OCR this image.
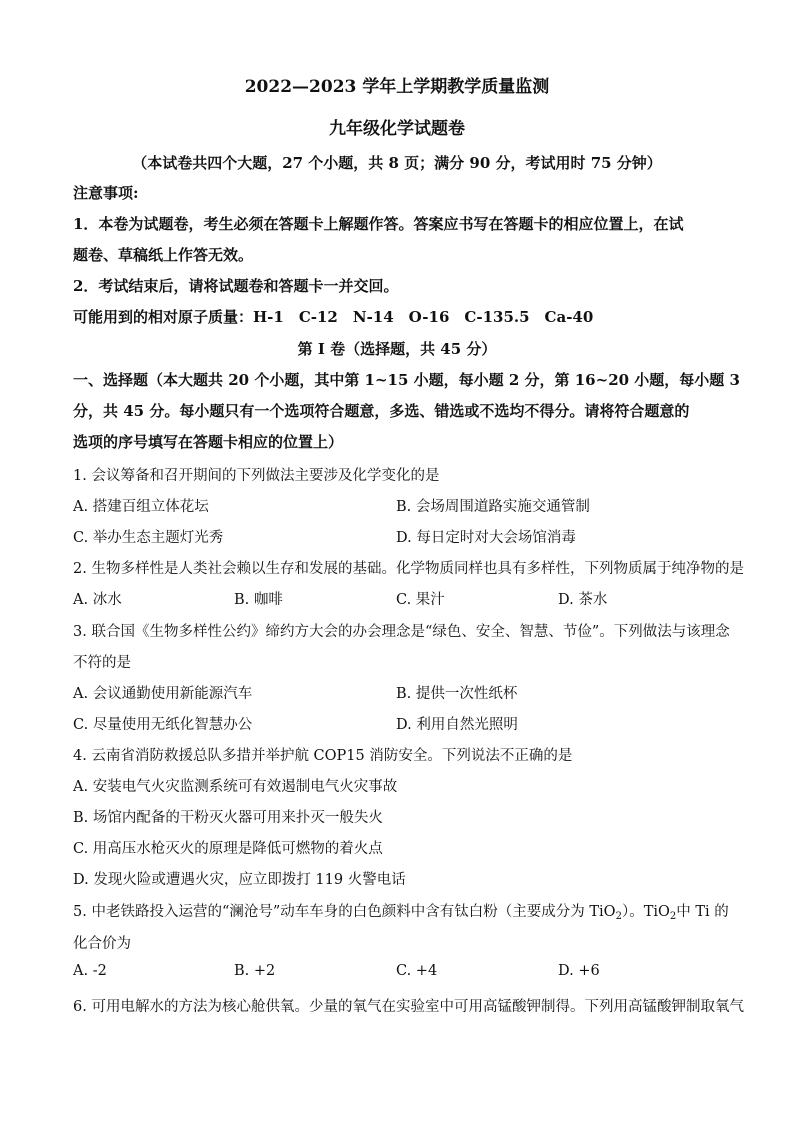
2022—2023 学年上学期教学质量监测
九年级化学试题卷
（本试卷共四个大题，27 个小题，共 8 页；满分 90 分，考试用时 75 分钟）
注意事项:
1．本卷为试题卷，考生必须在答题卡上解题作答。答案应书写在答题卡的相应位置上，在试
题卷、草稿纸上作答无效。
2．考试结束后，请将试题卷和答题卡一并交回。
可能用到的相对原子质量：H-1　C-12　N-14　O-16　C-135.5　Ca-40
第 I 卷（选择题，共 45 分）
一、选择题（本大题共 20 个小题，其中第 1~15 小题，每小题 2 分，第 16~20 小题，每小题 3
分，共 45 分。每小题只有一个选项符合题意，多选、错选或不选均不得分。请将符合题意的
选项的序号填写在答题卡相应的位置上）
1. 会议筹备和召开期间的下列做法主要涉及化学变化的是
A. 搭建百组立体花坛	B. 会场周围道路实施交通管制
C. 举办生态主题灯光秀	D. 每日定时对大会场馆消毒
2. 生物多样性是人类社会赖以生存和发展的基础。化学物质同样也具有多样性，下列物质属于纯净物的是
A. 冰水	B. 咖啡	C. 果汁	D. 茶水
3. 联合国《生物多样性公约》缔约方大会的办会理念是“绿色、安全、智慧、节俭”。下列做法与该理念
不符的是
A. 会议通勤使用新能源汽车	B. 提供一次性纸杯
C. 尽量使用无纸化智慧办公	D. 利用自然光照明
4. 云南省消防救援总队多措并举护航 COP15 消防安全。下列说法不正确的是
A. 安装电气火灾监测系统可有效遏制电气火灾事故
B. 场馆内配备的干粉灭火器可用来扑灭一般失火
C. 用高压水枪灭火的原理是降低可燃物的着火点
D. 发现火险或遭遇火灾，应立即拨打 119 火警电话
5. 中老铁路投入运营的“澜沧号”动车车身的白色颜料中含有钛白粉（主要成分为 TiO$_2$）。TiO$_2$中 Ti 的
化合价为
A. -2	B. +2	C. +4	D. +6
6. 可用电解水的方法为核心舱供氧。少量的氧气在实验室中可用高锰酸钾制得。下列用高锰酸钾制取氧气
